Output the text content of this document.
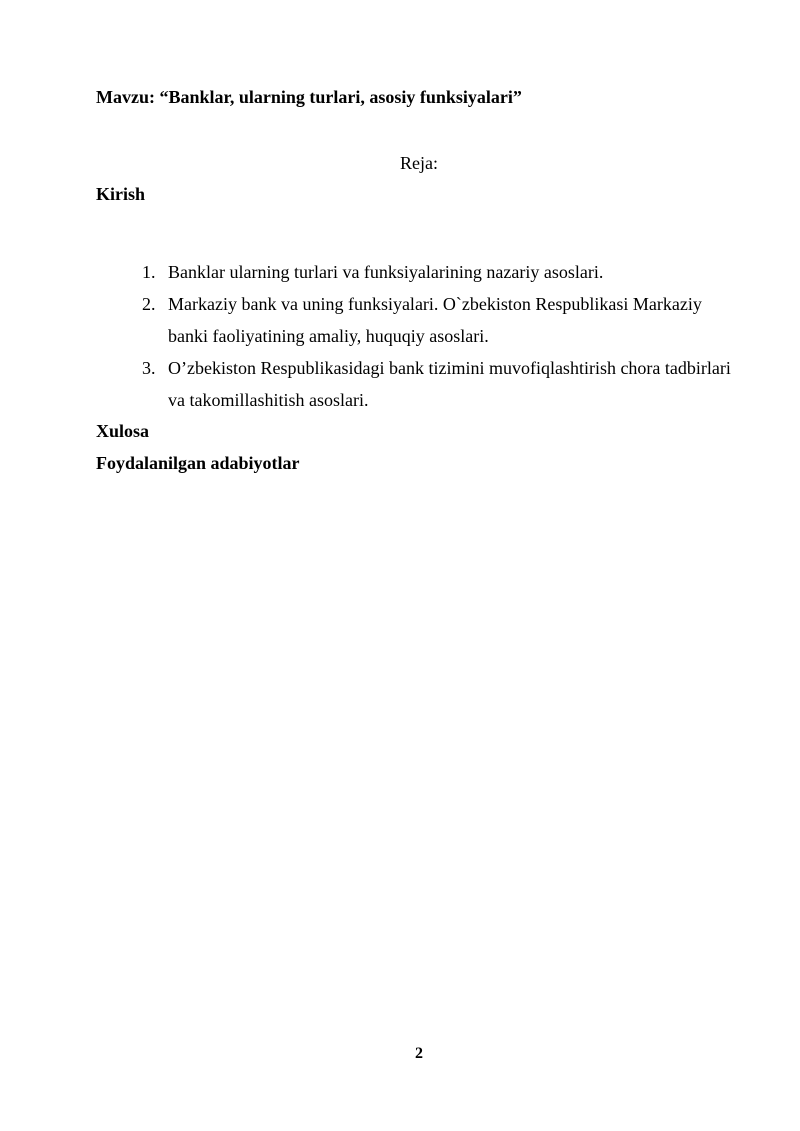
Mavzu: “Banklar, ularning turlari, asosiy funksiyalari”
Reja:
Kirish
1. Banklar ularning turlari va funksiyalarining nazariy asoslari.
2. Markaziy bank va uning funksiyalari. O`zbekiston Respublikasi Markaziy banki faoliyatining amaliy, huquqiy asoslari.
3. O’zbekiston Respublikasidagi bank tizimini muvofiqlashtirish chora tadbirlari va takomillashitish asoslari.
Xulosa
Foydalanilgan adabiyotlar
2
